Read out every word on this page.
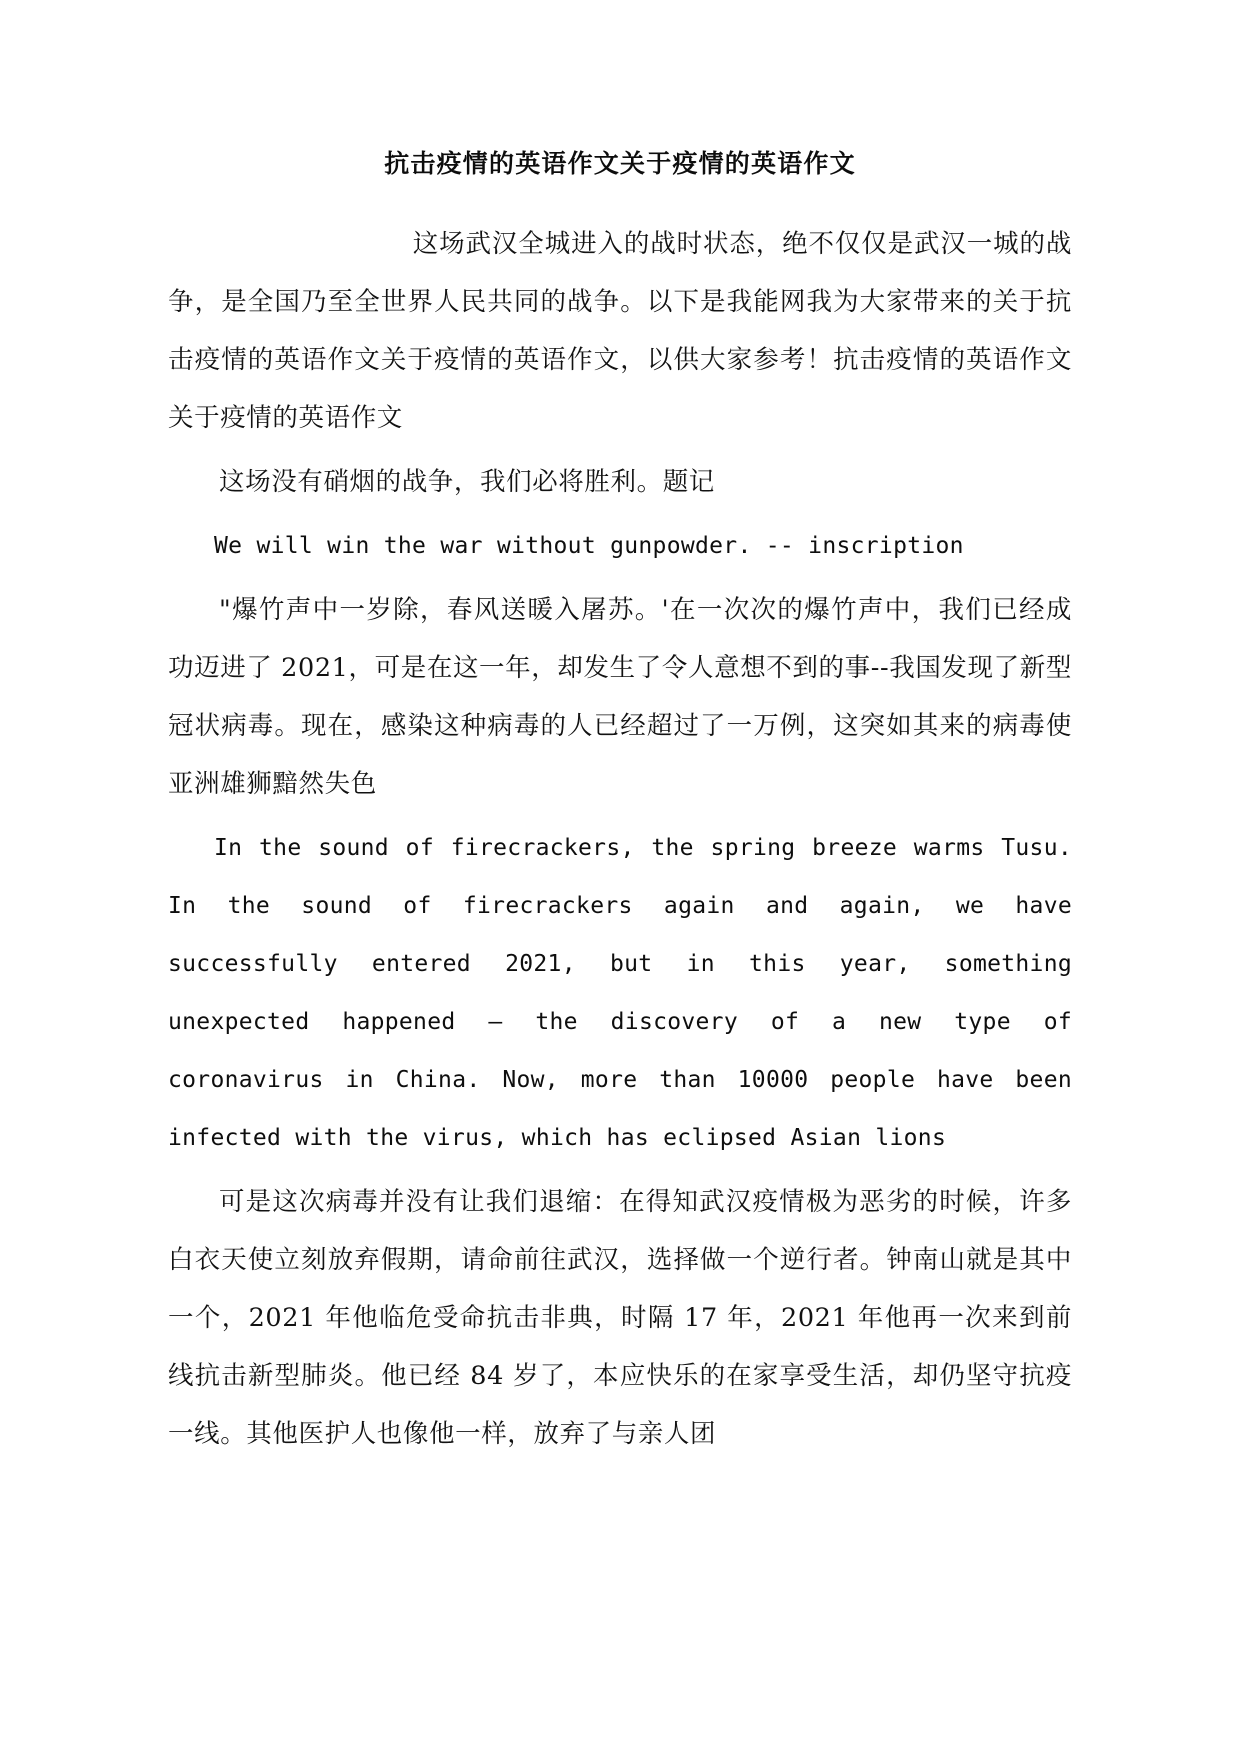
抗击疫情的英语作文关于疫情的英语作文

这场武汉全城进入的战时状态，绝不仅仅是武汉一城的战争，是全国乃至全世界人民共同的战争。以下是我能网我为大家带来的关于抗击疫情的英语作文关于疫情的英语作文，以供大家参考！抗击疫情的英语作文关于疫情的英语作文

这场没有硝烟的战争，我们必将胜利。题记

We will win the war without gunpowder. -- inscription

"爆竹声中一岁除，春风送暖入屠苏。'在一次次的爆竹声中，我们已经成功迈进了 2021，可是在这一年，却发生了令人意想不到的事--我国发现了新型冠状病毒。现在，感染这种病毒的人已经超过了一万例，这突如其来的病毒使亚洲雄狮黯然失色

In the sound of firecrackers, the spring breeze warms Tusu. In the sound of firecrackers again and again, we have successfully entered 2021, but in this year, something unexpected happened – the discovery of a new type of coronavirus in China. Now, more than 10000 people have been infected with the virus, which has eclipsed Asian lions

可是这次病毒并没有让我们退缩：在得知武汉疫情极为恶劣的时候，许多白衣天使立刻放弃假期，请命前往武汉，选择做一个逆行者。钟南山就是其中一个，2021 年他临危受命抗击非典，时隔 17 年，2021 年他再一次来到前线抗击新型肺炎。他已经 84 岁了，本应快乐的在家享受生活，却仍坚守抗疫一线。其他医护人也像他一样，放弃了与亲人团
